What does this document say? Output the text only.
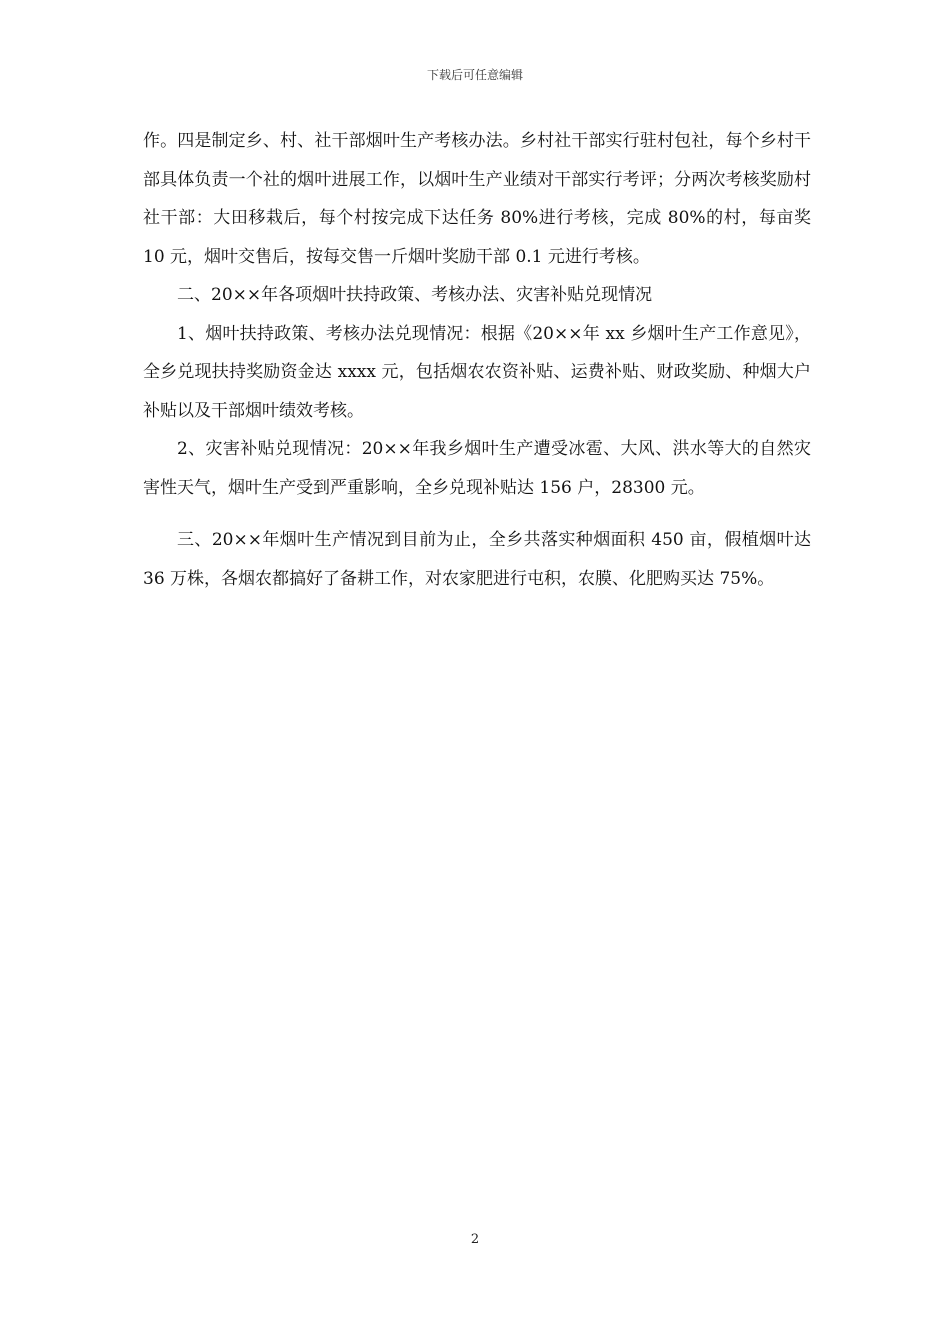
下载后可任意编辑

作。四是制定乡、村、社干部烟叶生产考核办法。乡村社干部实行驻村包社，每个乡村干部具体负责一个社的烟叶进展工作，以烟叶生产业绩对干部实行考评；分两次考核奖励村社干部：大田移栽后，每个村按完成下达任务 80%进行考核，完成 80%的村，每亩奖 10 元，烟叶交售后，按每交售一斤烟叶奖励干部 0.1 元进行考核。

二、20××年各项烟叶扶持政策、考核办法、灾害补贴兑现情况

1、烟叶扶持政策、考核办法兑现情况：根据《20××年 xx 乡烟叶生产工作意见》，全乡兑现扶持奖励资金达 xxxx 元，包括烟农农资补贴、运费补贴、财政奖励、种烟大户补贴以及干部烟叶绩效考核。

2、灾害补贴兑现情况：20××年我乡烟叶生产遭受冰雹、大风、洪水等大的自然灾害性天气，烟叶生产受到严重影响，全乡兑现补贴达 156 户，28300 元。

三、20××年烟叶生产情况到目前为止，全乡共落实种烟面积 450 亩，假植烟叶达 36 万株，各烟农都搞好了备耕工作，对农家肥进行屯积，农膜、化肥购买达 75%。

2
